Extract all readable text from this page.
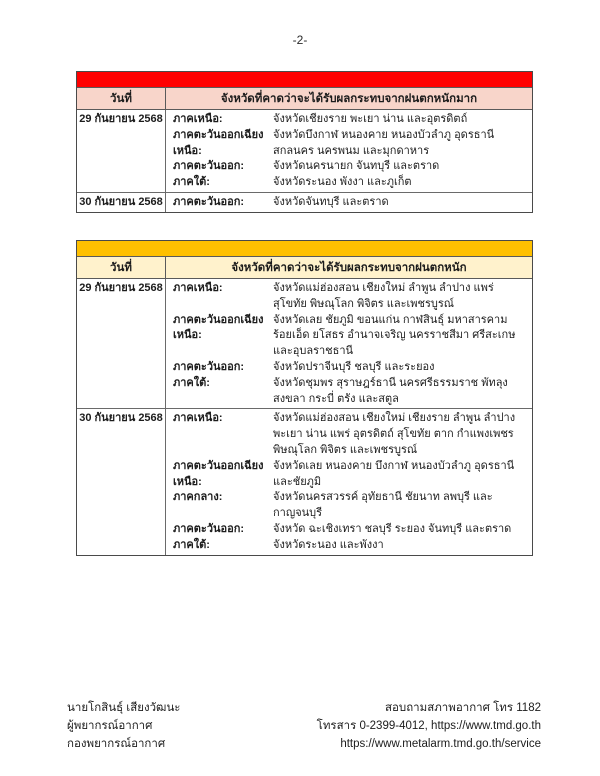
-2-
วันที่	จังหวัดที่คาดว่าจะได้รับผลกระทบจากฝนตกหนักมาก
29 กันยายน 2568 ภาคเหนือ:	จังหวัดเชียงราย พะเยา น่าน และอุตรดิตถ์
ภาคตะวันออกเฉียงเหนือ:
จังหวัดบึงกาฬ หนองคาย หนองบัวลำภู อุดรธานี สกลนคร นครพนม และมุกดาหาร
ภาคตะวันออก:	จังหวัดนครนายก จันทบุรี และตราด
ภาคใต้:	จังหวัดระนอง พังงา และภูเก็ต
30 กันยายน 2568 ภาคตะวันออก:	จังหวัดจันทบุรี และตราด
วันที่	จังหวัดที่คาดว่าจะได้รับผลกระทบจากฝนตกหนัก
29 กันยายน 2568 ภาคเหนือ:	จังหวัดแม่ฮ่องสอน เชียงใหม่ ลำพูน ลำปาง แพร่ สุโขทัย พิษณุโลก พิจิตร และเพชรบูรณ์
ภาคตะวันออกเฉียงเหนือ:
จังหวัดเลย ชัยภูมิ ขอนแก่น กาฬสินธุ์ มหาสารคาม ร้อยเอ็ด ยโสธร อำนาจเจริญ นครราชสีมา ศรีสะเกษ และอุบลราชธานี
ภาคตะวันออก:	จังหวัดปราจีนบุรี ชลบุรี และระยอง
ภาคใต้:	จังหวัดชุมพร สุราษฎร์ธานี นครศรีธรรมราช พัทลุง สงขลา กระบี่ ตรัง และสตูล
30 กันยายน 2568 ภาคเหนือ:	จังหวัดแม่ฮ่องสอน เชียงใหม่ เชียงราย ลำพูน ลำปาง พะเยา น่าน แพร่ อุตรดิตถ์ สุโขทัย ตาก กำแพงเพชร พิษณุโลก พิจิตร และเพชรบูรณ์
ภาคตะวันออกเฉียงเหนือ:
จังหวัดเลย หนองคาย บึงกาฬ หนองบัวลำภู อุดรธานี และชัยภูมิ
ภาคกลาง:	จังหวัดนครสวรรค์ อุทัยธานี ชัยนาท ลพบุรี และกาญจนบุรี
ภาคตะวันออก:	จังหวัด ฉะเชิงเทรา ชลบุรี ระยอง จันทบุรี และตราด
ภาคใต้:	จังหวัดระนอง และพังงา
นายโกสินธุ์ เสียงวัฒนะ
ผู้พยากรณ์อากาศ
กองพยากรณ์อากาศ
สอบถามสภาพอากาศ โทร 1182
โทรสาร 0-2399-4012, https://www.tmd.go.th
https://www.metalarm.tmd.go.th/service
